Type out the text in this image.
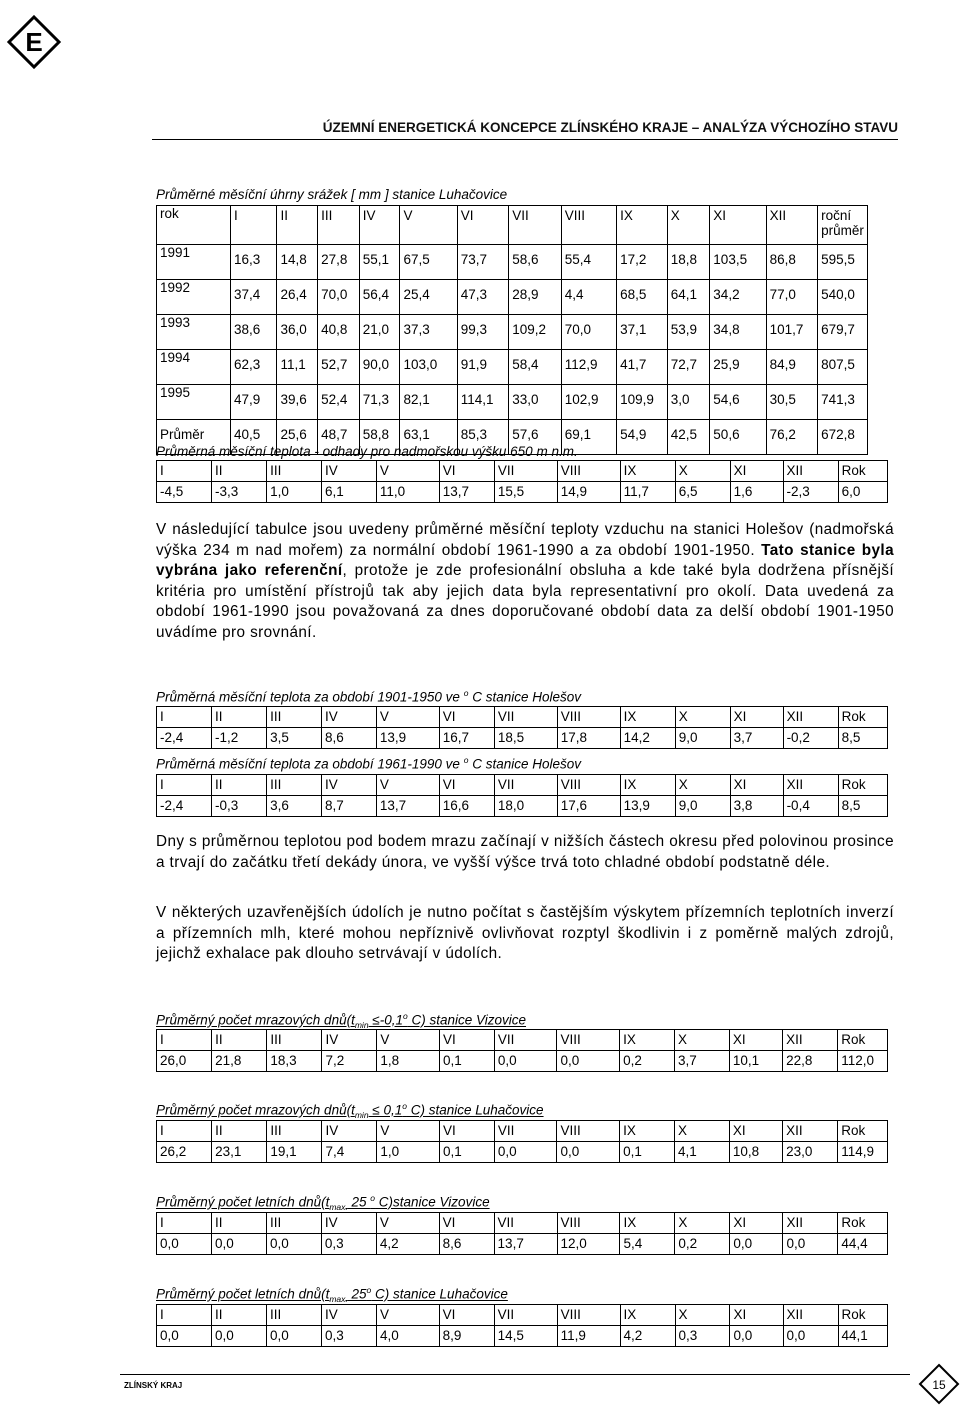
E
ÚZEMNÍ ENERGETICKÁ KONCEPCE ZLÍNSKÉHO KRAJE – ANALÝZA VÝCHOZÍHO STAVU
Průměrné měsíční úhrny srážek [ mm ] stanice Luhačovice
rok	I	II	III	IV	V	VI	VII	VIII	IX	X	XI	XII	roční
průměr
1991	16,3	14,8	27,8	55,1	67,5	73,7	58,6	55,4	17,2	18,8	103,5	86,8	595,5
1992	37,4	26,4	70,0	56,4	25,4	47,3	28,9	4,4	68,5	64,1	34,2	77,0	540,0
1993	38,6	36,0	40,8	21,0	37,3	99,3	109,2	70,0	37,1	53,9	34,8	101,7	679,7
1994	62,3	11,1	52,7	90,0	103,0	91,9	58,4	112,9	41,7	72,7	25,9	84,9	807,5
1995	47,9	39,6	52,4	71,3	82,1	114,1	33,0	102,9	109,9	3,0	54,6	30,5	741,3
Průměr	40,5	25,6	48,7	58,8	63,1	85,3	57,6	69,1	54,9	42,5	50,6	76,2	672,8
Průměrná měsíční teplota - odhady pro nadmořskou výšku 650 m n.m.
I	II	III	IV	V	VI	VII	VIII	IX	X	XI	XII	Rok
-4,5	-3,3	1,0	6,1	11,0	13,7	15,5	14,9	11,7	6,5	1,6	-2,3	6,0
V následující tabulce jsou uvedeny průměrné měsíční teploty vzduchu na stanici Holešov (nadmořská výška 234 m nad mořem) za normální období 1961-1990 a za období 1901-1950. Tato stanice byla vybrána jako referenční, protože je zde profesionální obsluha a kde také byla dodržena přísnější kritéria pro umístění přístrojů tak aby jejich data byla representativní pro okolí. Data uvedená za období 1961-1990 jsou považovaná za dnes doporučované období data za delší období 1901-1950 uvádíme pro srovnání.
Průměrná měsíční teplota za období 1901-1950 ve $^o$ C stanice Holešov
I	II	III	IV	V	VI	VII	VIII	IX	X	XI	XII	Rok
-2,4	-1,2	3,5	8,6	13,9	16,7	18,5	17,8	14,2	9,0	3,7	-0,2	8,5
Průměrná měsíční teplota za období 1961-1990 ve $^o$ C stanice Holešov
I	II	III	IV	V	VI	VII	VIII	IX	X	XI	XII	Rok
-2,4	-0,3	3,6	8,7	13,7	16,6	18,0	17,6	13,9	9,0	3,8	-0,4	8,5
Dny s průměrnou teplotou pod bodem mrazu začínají v nižších částech okresu před polovinou prosince a trvají do začátku třetí dekády února, ve vyšší výšce trvá toto chladné období podstatně déle.
V některých uzavřenějších údolích je nutno počítat s častějším výskytem přízemních teplotních inverzí a přízemních mlh, které mohou nepříznivě ovlivňovat rozptyl škodlivin i z poměrně malých zdrojů, jejichž exhalace pak dlouho setrvávají v údolích.
Průměrný počet mrazových $dnů(t_{min} \le-0,1^o$ C) stanice Vizovice
I	II	III	IV	V	VI	VII	VIII	IX	X	XI	XII	Rok
26,0	21,8	18,3	7,2	1,8	0,1	0,0	0,0	0,2	3,7	10,1	22,8	112,0
Průměrný počet mrazových $dnů(t_{min} \le 0,1^o$ C) stanice Luhačovice
I	II	III	IV	V	VI	VII	VIII	IX	X	XI	XII	Rok
26,2	23,1	19,1	7,4	1,0	0,1	0,0	0,0	0,1	4,1	10,8	23,0	114,9
Průměrný počet letních $dnů(t_{max.}$ 25 $^o$ C)stanice Vizovice
I	II	III	IV	V	VI	VII	VIII	IX	X	XI	XII	Rok
0,0	0,0	0,0	0,3	4,2	8,6	13,7	12,0	5,4	0,2	0,0	0,0	44,4
Průměrný počet letních $dnů(t_{max.}$ 25$^o$ C) stanice Luhačovice
I	II	III	IV	V	VI	VII	VIII	IX	X	XI	XII	Rok
0,0	0,0	0,0	0,3	4,0	8,9	14,5	11,9	4,2	0,3	0,0	0,0	44,1
ZLÍNSKÝ KRAJ	15
